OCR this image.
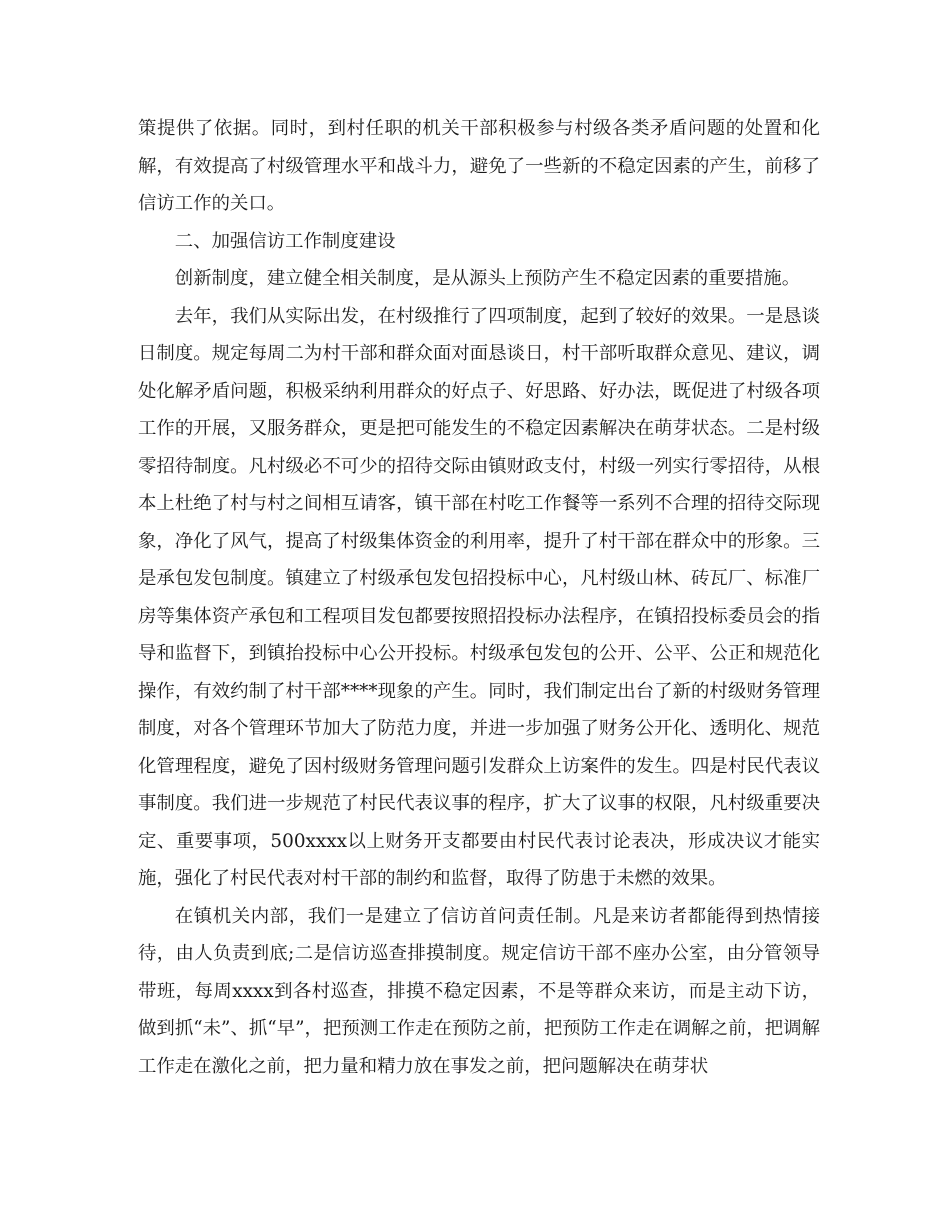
策提供了依据。同时，到村任职的机关干部积极参与村级各类矛盾问题的处置和化解，有效提高了村级管理水平和战斗力，避免了一些新的不稳定因素的产生，前移了信访工作的关口。

二、加强信访工作制度建设

创新制度，建立健全相关制度，是从源头上预防产生不稳定因素的重要措施。

去年，我们从实际出发，在村级推行了四项制度，起到了较好的效果。一是恳谈日制度。规定每周二为村干部和群众面对面恳谈日，村干部听取群众意见、建议，调处化解矛盾问题，积极采纳利用群众的好点子、好思路、好办法，既促进了村级各项工作的开展，又服务群众，更是把可能发生的不稳定因素解决在萌芽状态。二是村级零招待制度。凡村级必不可少的招待交际由镇财政支付，村级一列实行零招待，从根本上杜绝了村与村之间相互请客，镇干部在村吃工作餐等一系列不合理的招待交际现象，净化了风气，提高了村级集体资金的利用率，提升了村干部在群众中的形象。三是承包发包制度。镇建立了村级承包发包招投标中心，凡村级山林、砖瓦厂、标准厂房等集体资产承包和工程项目发包都要按照招投标办法程序，在镇招投标委员会的指导和监督下，到镇抬投标中心公开投标。村级承包发包的公开、公平、公正和规范化操作，有效约制了村干部****现象的产生。同时，我们制定出台了新的村级财务管理制度，对各个管理环节加大了防范力度，并进一步加强了财务公开化、透明化、规范化管理程度，避免了因村级财务管理问题引发群众上访案件的发生。四是村民代表议事制度。我们进一步规范了村民代表议事的程序，扩大了议事的权限，凡村级重要决定、重要事项，500xxxx以上财务开支都要由村民代表讨论表决，形成决议才能实施，强化了村民代表对村干部的制约和监督，取得了防患于未燃的效果。

在镇机关内部，我们一是建立了信访首问责任制。凡是来访者都能得到热情接待，由人负责到底;二是信访巡查排摸制度。规定信访干部不座办公室，由分管领导带班，每周xxxx到各村巡查，排摸不稳定因素，不是等群众来访，而是主动下访，做到抓“未”、抓“早”，把预测工作走在预防之前，把预防工作走在调解之前，把调解工作走在激化之前，把力量和精力放在事发之前，把问题解决在萌芽状
